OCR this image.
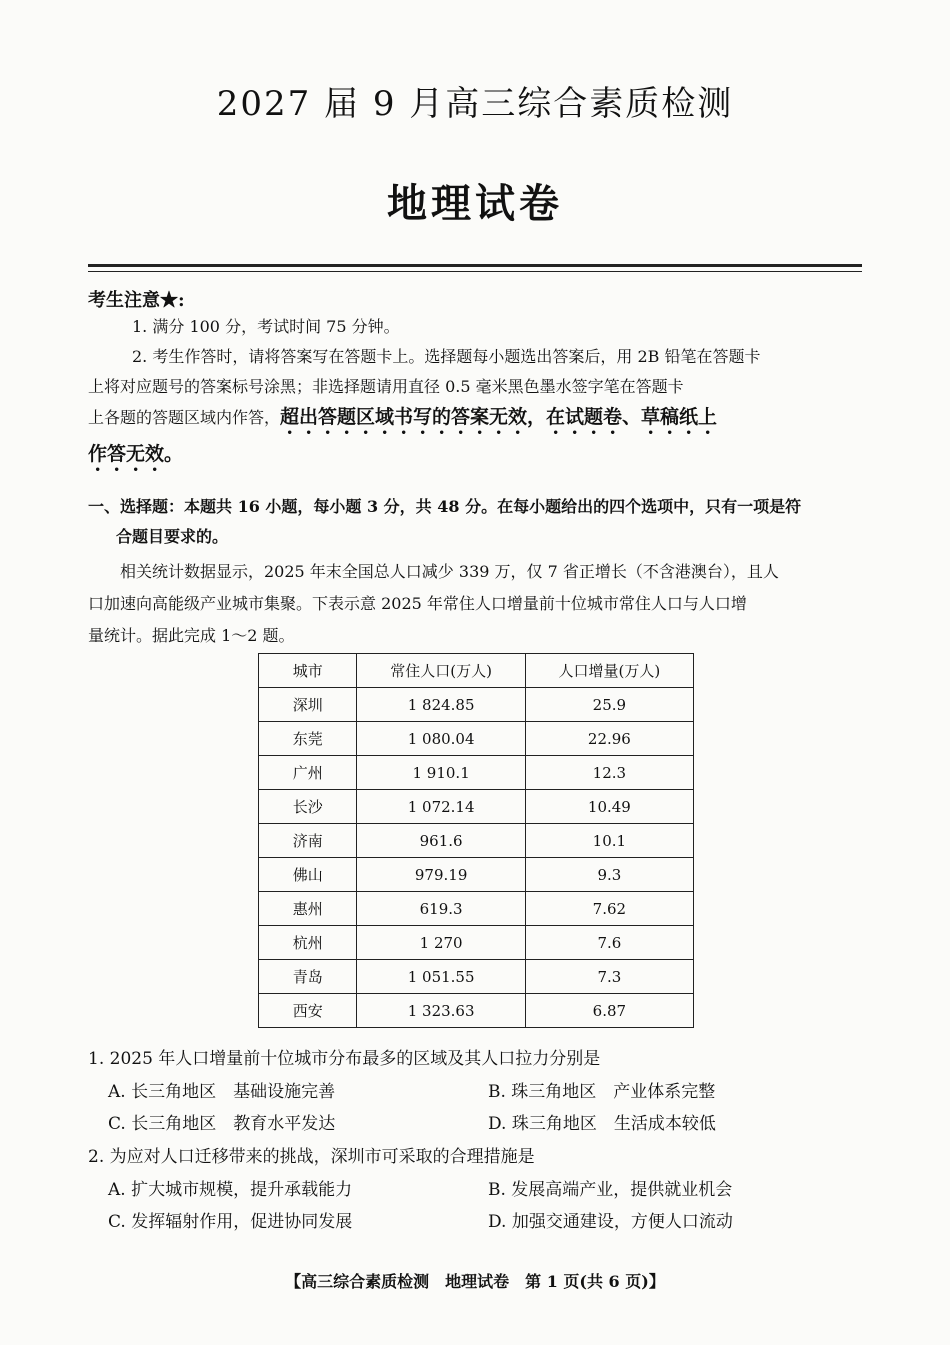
2027 届 9 月高三综合素质检测
地理试卷
考生注意★:
1. 满分 100 分，考试时间 75 分钟。
2. 考生作答时，请将答案写在答题卡上。选择题每小题选出答案后，用 2B 铅笔在答题卡
上将对应题号的答案标号涂黑；非选择题请用直径 0.5 毫米黑色墨水签字笔在答题卡
上各题的答题区域内作答，超出答题区域书写的答案无效，在试题卷、草稿纸上
作答无效。
一、选择题：本题共 16 小题，每小题 3 分，共 48 分。在每小题给出的四个选项中，只有一项是符
合题目要求的。
相关统计数据显示，2025 年末全国总人口减少 339 万，仅 7 省正增长（不含港澳台），且人
口加速向高能级产业城市集聚。下表示意 2025 年常住人口增量前十位城市常住人口与人口增
量统计。据此完成 1～2 题。
城市	常住人口(万人)	人口增量(万人)
深圳	1 824.85	25.9
东莞	1 080.04	22.96
广州	1 910.1	12.3
长沙	1 072.14	10.49
济南	961.6	10.1
佛山	979.19	9.3
惠州	619.3	7.62
杭州	1 270	7.6
青岛	1 051.55	7.3
西安	1 323.63	6.87
1. 2025 年人口增量前十位城市分布最多的区域及其人口拉力分别是
A. 长三角地区　基础设施完善	B. 珠三角地区　产业体系完整
C. 长三角地区　教育水平发达	D. 珠三角地区　生活成本较低
2. 为应对人口迁移带来的挑战，深圳市可采取的合理措施是
A. 扩大城市规模，提升承载能力	B. 发展高端产业，提供就业机会
C. 发挥辐射作用，促进协同发展	D. 加强交通建设，方便人口流动
【高三综合素质检测　地理试卷　第 1 页(共 6 页)】
